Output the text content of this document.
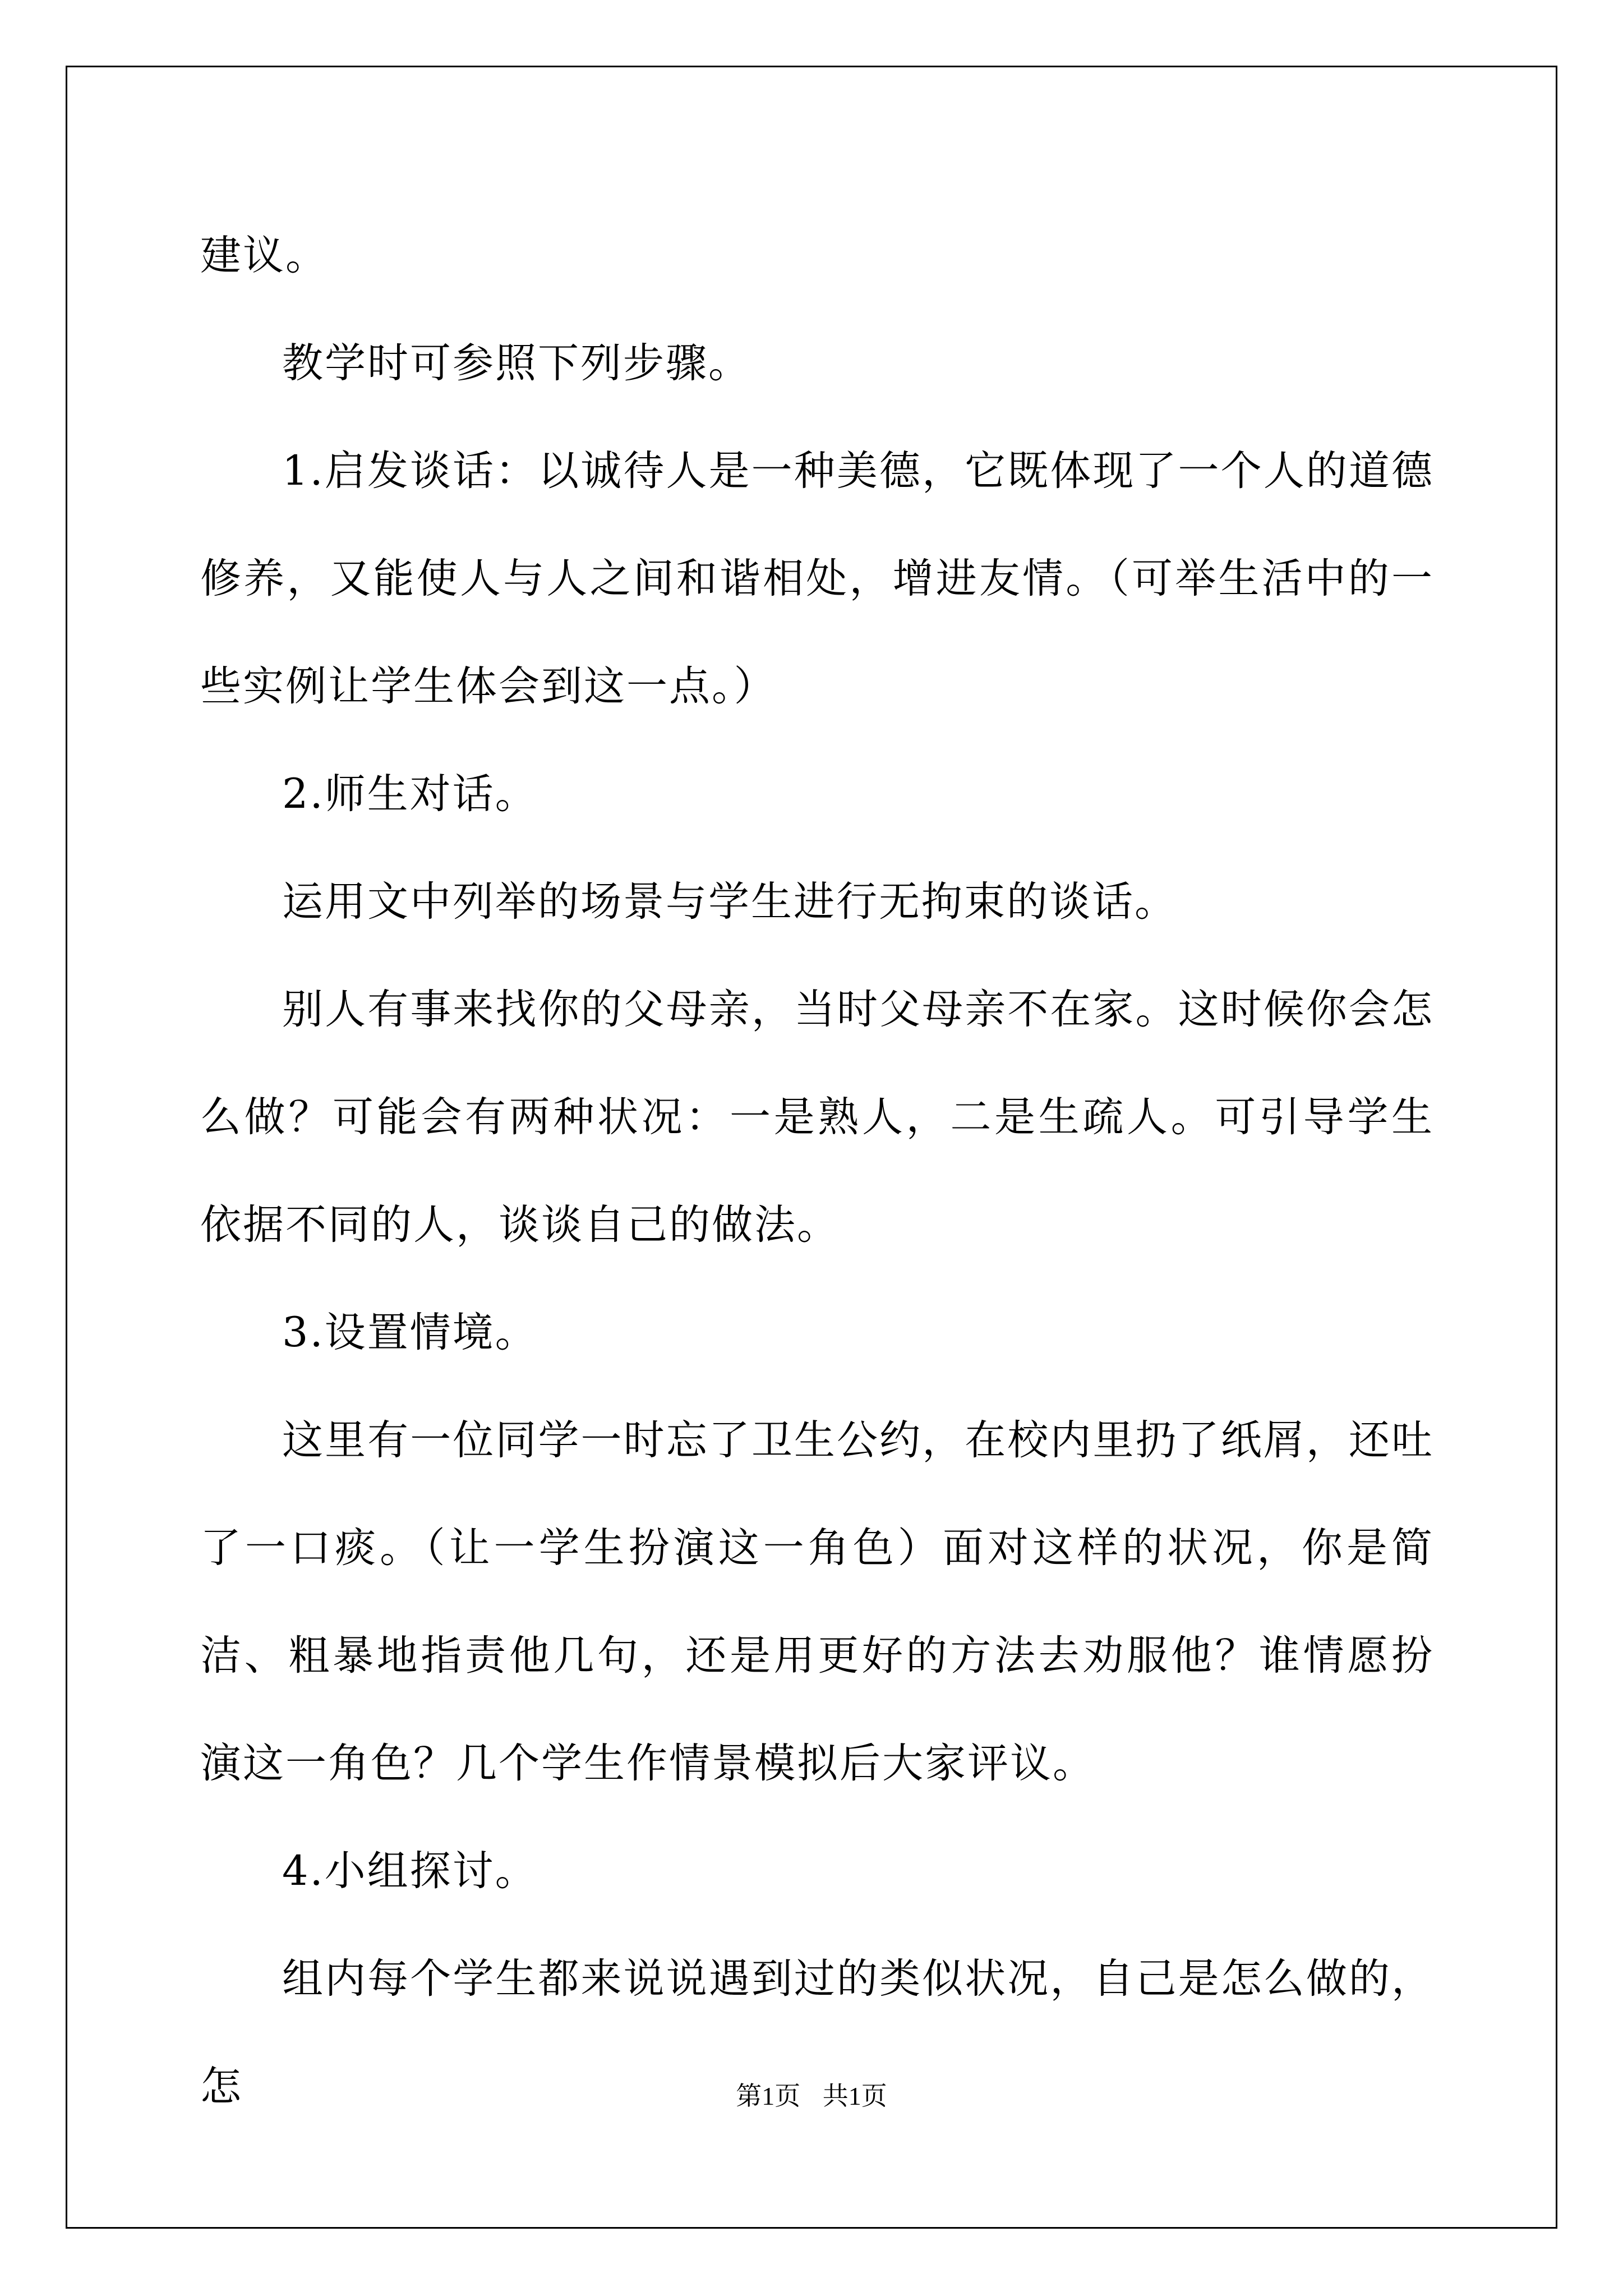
建议。

教学时可参照下列步骤。

1.启发谈话：以诚待人是一种美德，它既体现了一个人的道德修养，又能使人与人之间和谐相处，增进友情。（可举生活中的一些实例让学生体会到这一点。）

2.师生对话。

运用文中列举的场景与学生进行无拘束的谈话。

别人有事来找你的父母亲，当时父母亲不在家。这时候你会怎么做？可能会有两种状况：一是熟人，二是生疏人。可引导学生依据不同的人，谈谈自己的做法。

3.设置情境。

这里有一位同学一时忘了卫生公约，在校内里扔了纸屑，还吐了一口痰。（让一学生扮演这一角色）面对这样的状况，你是简洁、粗暴地指责他几句，还是用更好的方法去劝服他？谁情愿扮演这一角色？几个学生作情景模拟后大家评议。

4.小组探讨。

组内每个学生都来说说遇到过的类似状况，自己是怎么做的，怎	第1页 共1页
